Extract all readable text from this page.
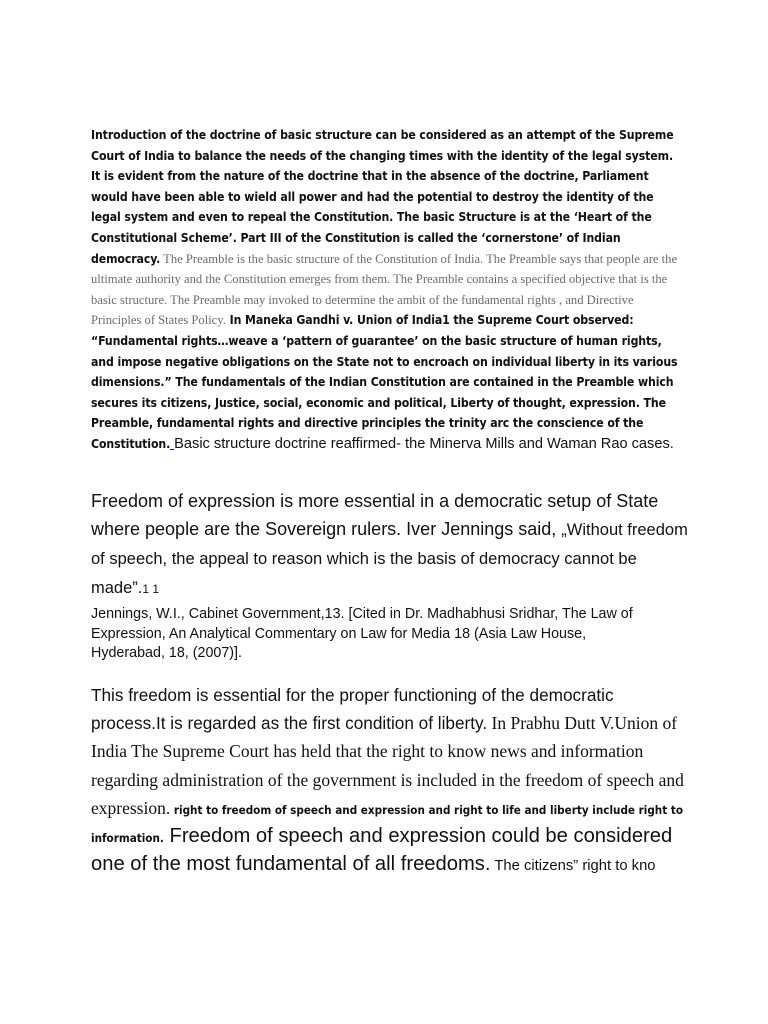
Introduction of the doctrine of basic structure can be considered as an attempt of the Supreme Court of India to balance the needs of the changing times with the identity of the legal system. It is evident from the nature of the doctrine that in the absence of the doctrine, Parliament would have been able to wield all power and had the potential to destroy the identity of the legal system and even to repeal the Constitution. The basic Structure is at the ‘Heart of the Constitutional Scheme’. Part III of the Constitution is called the ‘cornerstone’ of Indian democracy. The Preamble is the basic structure of the Constitution of India. The Preamble says that people are the ultimate authority and the Constitution emerges from them. The Preamble contains a specified objective that is the basic structure. The Preamble may invoked to determine the ambit of the fundamental rights , and Directive Principles of States Policy. In Maneka Gandhi v. Union of India1 the Supreme Court observed: “Fundamental rights…weave a ‘pattern of guarantee’ on the basic structure of human rights, and impose negative obligations on the State not to encroach on individual liberty in its various dimensions.” The fundamentals of the Indian Constitution are contained in the Preamble which secures its citizens, Justice, social, economic and political, Liberty of thought, expression. The Preamble, fundamental rights and directive principles the trinity arc the conscience of the Constitution. Basic structure doctrine reaffirmed- the Minerva Mills and Waman Rao cases.

Freedom of expression is more essential in a democratic setup of State where people are the Sovereign rulers. Iver Jennings said, „Without freedom of speech, the appeal to reason which is the basis of democracy cannot be made”.1 1

Jennings, W.I., Cabinet Government,13. [Cited in Dr. Madhabhusi Sridhar, The Law of Expression, An Analytical Commentary on Law for Media 18 (Asia Law House, Hyderabad, 18, (2007)].

This freedom is essential for the proper functioning of the democratic process.It is regarded as the first condition of liberty. In Prabhu Dutt V.Union of India The Supreme Court has held that the right to know news and information regarding administration of the government is included in the freedom of speech and expression. right to freedom of speech and expression and right to life and liberty include right to information. Freedom of speech and expression could be considered one of the most fundamental of all freedoms. The citizens” right to kno
